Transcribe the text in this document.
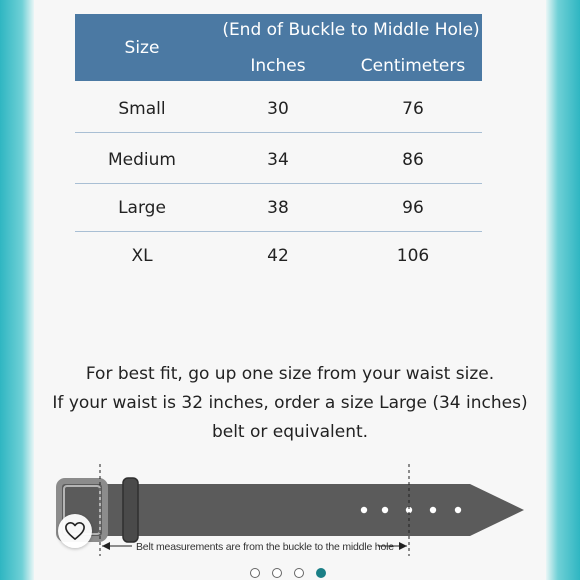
Size
(End of Buckle to Middle Hole)
Inches	Centimeters
Small	30	76
Medium	34	86
Large	38	96
XL	42	106
For best fit, go up one size from your waist size.
If your waist is 32 inches, order a size Large (34 inches)
belt or equivalent.
Belt measurements are from the buckle to the middle hole
